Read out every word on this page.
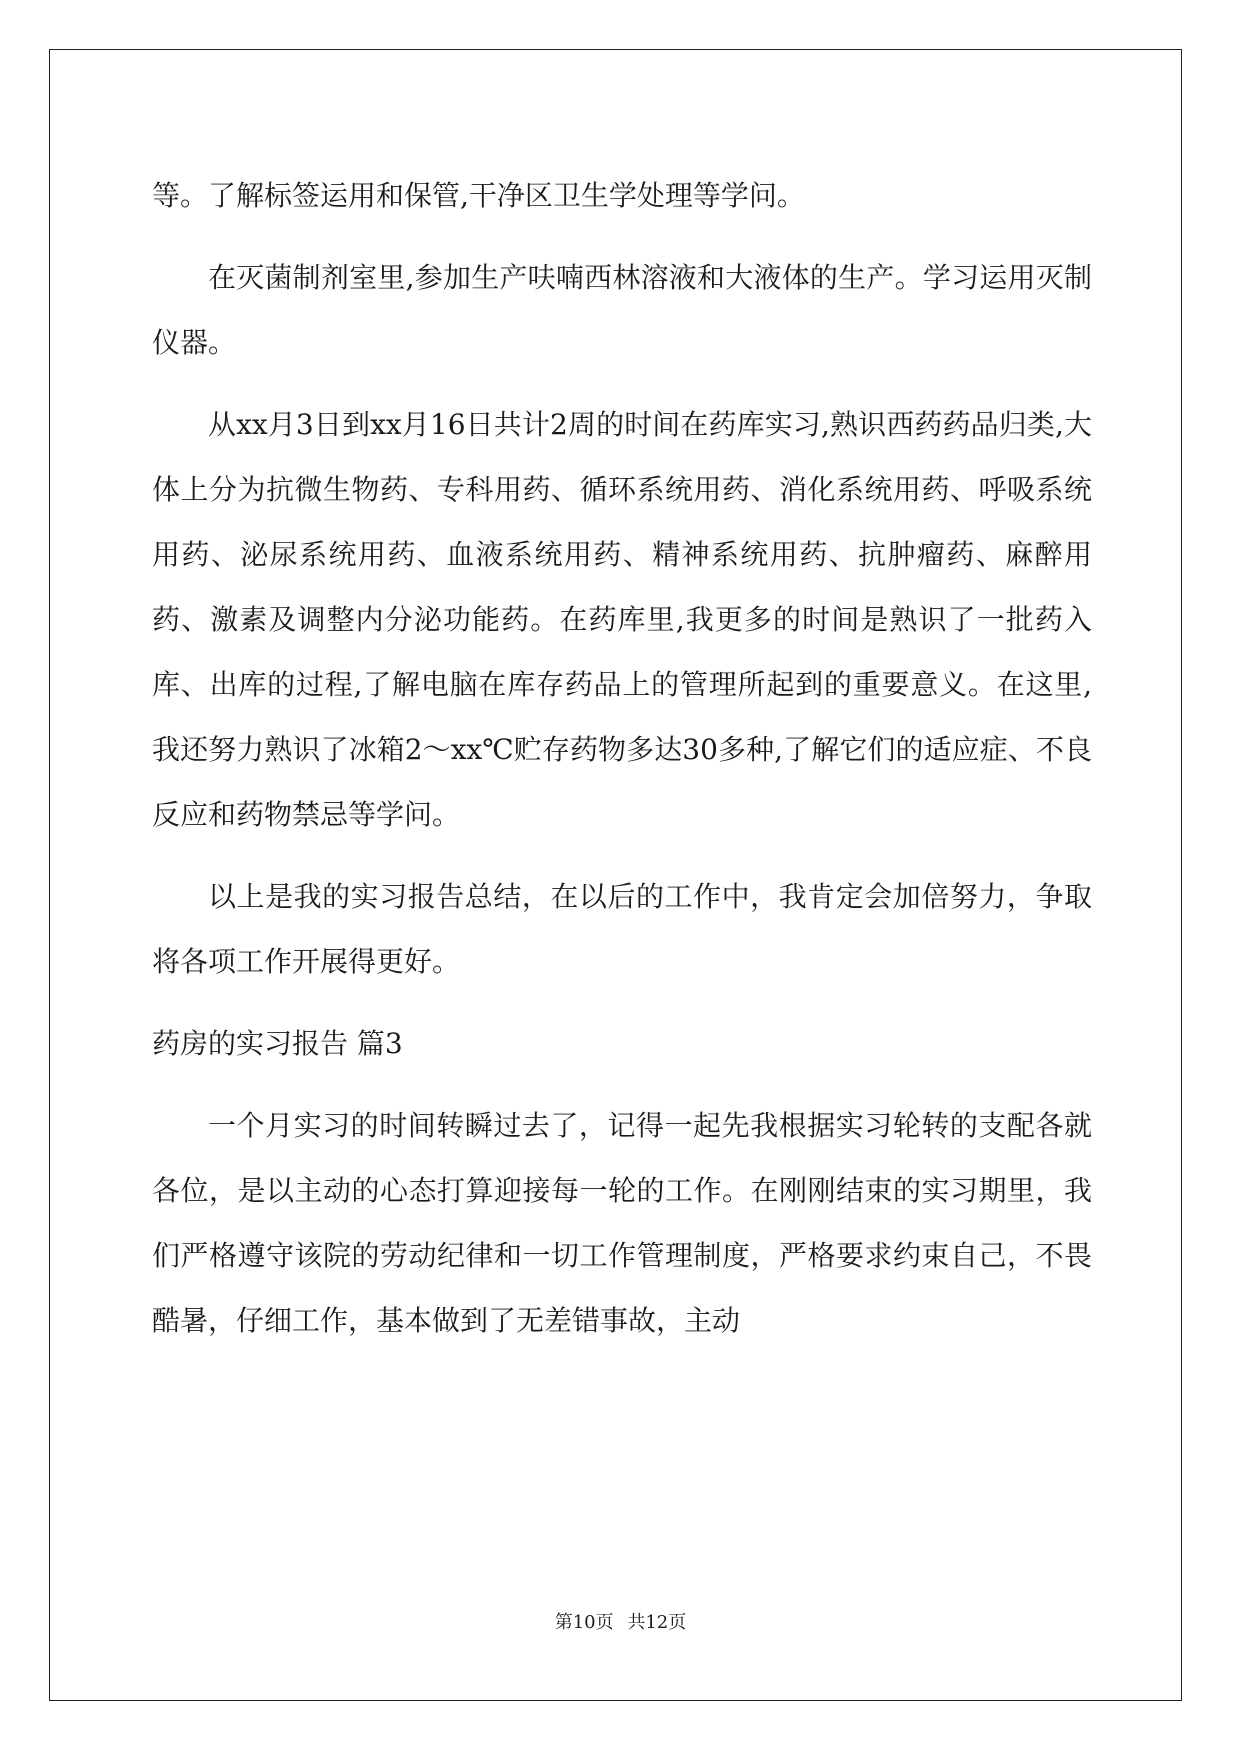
等。了解标签运用和保管,干净区卫生学处理等学问。

在灭菌制剂室里,参加生产呋喃西林溶液和大液体的生产。学习运用灭制仪器。

从xx月3日到xx月16日共计2周的时间在药库实习,熟识西药药品归类,大体上分为抗微生物药、专科用药、循环系统用药、消化系统用药、呼吸系统用药、泌尿系统用药、血液系统用药、精神系统用药、抗肿瘤药、麻醉用药、激素及调整内分泌功能药。在药库里,我更多的时间是熟识了一批药入库、出库的过程,了解电脑在库存药品上的管理所起到的重要意义。在这里,我还努力熟识了冰箱2～xx℃贮存药物多达30多种,了解它们的适应症、不良反应和药物禁忌等学问。

以上是我的实习报告总结，在以后的工作中，我肯定会加倍努力，争取将各项工作开展得更好。

药房的实习报告 篇3

一个月实习的时间转瞬过去了，记得一起先我根据实习轮转的支配各就各位，是以主动的心态打算迎接每一轮的工作。在刚刚结束的实习期里，我们严格遵守该院的劳动纪律和一切工作管理制度，严格要求约束自己，不畏酷暑，仔细工作，基本做到了无差错事故，主动

第10页 共12页
